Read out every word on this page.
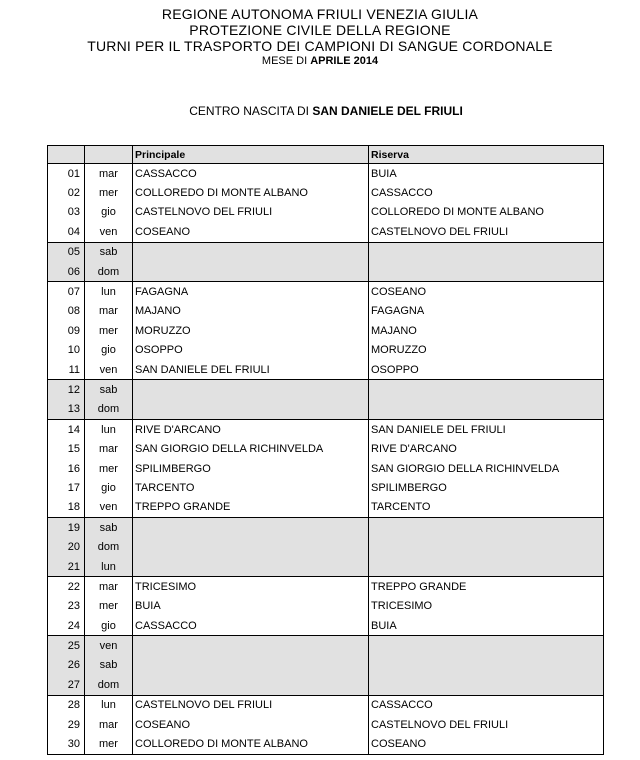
REGIONE AUTONOMA FRIULI VENEZIA GIULIA
PROTEZIONE CIVILE DELLA REGIONE
TURNI PER IL TRASPORTO DEI CAMPIONI DI SANGUE CORDONALE
MESE DI APRILE 2014
CENTRO NASCITA DI SAN DANIELE DEL FRIULI
		Principale	Riserva
01	mar	CASSACCO	BUIA
02	mer	COLLOREDO DI MONTE ALBANO	CASSACCO
03	gio	CASTELNOVO DEL FRIULI	COLLOREDO DI MONTE ALBANO
04	ven	COSEANO	CASTELNOVO DEL FRIULI
05	sab		
06	dom		
07	lun	FAGAGNA	COSEANO
08	mar	MAJANO	FAGAGNA
09	mer	MORUZZO	MAJANO
10	gio	OSOPPO	MORUZZO
11	ven	SAN DANIELE DEL FRIULI	OSOPPO
12	sab		
13	dom		
14	lun	RIVE D'ARCANO	SAN DANIELE DEL FRIULI
15	mar	SAN GIORGIO DELLA RICHINVELDA	RIVE D'ARCANO
16	mer	SPILIMBERGO	SAN GIORGIO DELLA RICHINVELDA
17	gio	TARCENTO	SPILIMBERGO
18	ven	TREPPO GRANDE	TARCENTO
19	sab		
20	dom		
21	lun		
22	mar	TRICESIMO	TREPPO GRANDE
23	mer	BUIA	TRICESIMO
24	gio	CASSACCO	BUIA
25	ven		
26	sab		
27	dom		
28	lun	CASTELNOVO DEL FRIULI	CASSACCO
29	mar	COSEANO	CASTELNOVO DEL FRIULI
30	mer	COLLOREDO DI MONTE ALBANO	COSEANO
